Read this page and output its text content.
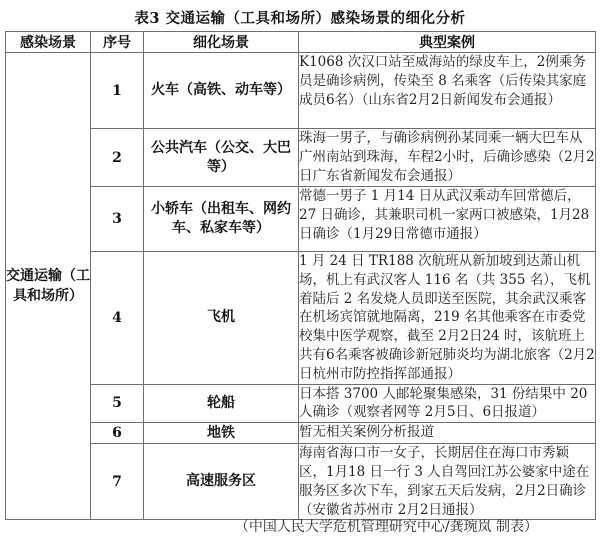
表3 交通运输（工具和场所）感染场景的细化分析
感染场景	序号	细化场景	典型案例
交通运输（工具和场所）	1	火车（高铁、动车等）	K1068 次汉口站至威海站的绿皮车上，2例乘务员是确诊病例，传染至 8 名乘客（后传染其家庭成员6名）（山东省2月2日新闻发布会通报）
	2	公共汽车（公交、大巴等）	珠海一男子，与确诊病例孙某同乘一辆大巴车从广州南站到珠海，车程2小时，后确诊感染（2月2日广东省新闻发布会通报）
	3	小轿车（出租车、网约车、私家车等）	常德一男子 1 月14 日从武汉乘动车回常德后，27 日确诊，其兼职司机一家两口被感染，1月28 日确诊（1月29日常德市通报）
	4	飞机	1 月 24 日 TR188 次航班从新加坡到达萧山机场，机上有武汉客人 116 名（共 355 名），飞机着陆后 2 名发烧人员即送至医院，其余武汉乘客在机场宾馆就地隔离，219 名其他乘客在市委党校集中医学观察，截至 2月2日24 时，该航班上共有6名乘客被确诊新冠肺炎均为湖北旅客（2月2日杭州市防控指挥部通报）
	5	轮船	日本搭 3700 人邮轮聚集感染，31 份结果中 20 人确诊（观察者网等 2月5日、6日报道）
	6	地铁	暂无相关案例分析报道
	7	高速服务区	海南省海口市一女子，长期居住在海口市秀颖区，1月18 日一行 3 人自驾回江苏公婆家中途在服务区多次下车，到家五天后发病，2月2日确诊（安徽省苏州市 2月2日通报）
（中国人民大学危机管理研究中心/龚琬岚 制表）
